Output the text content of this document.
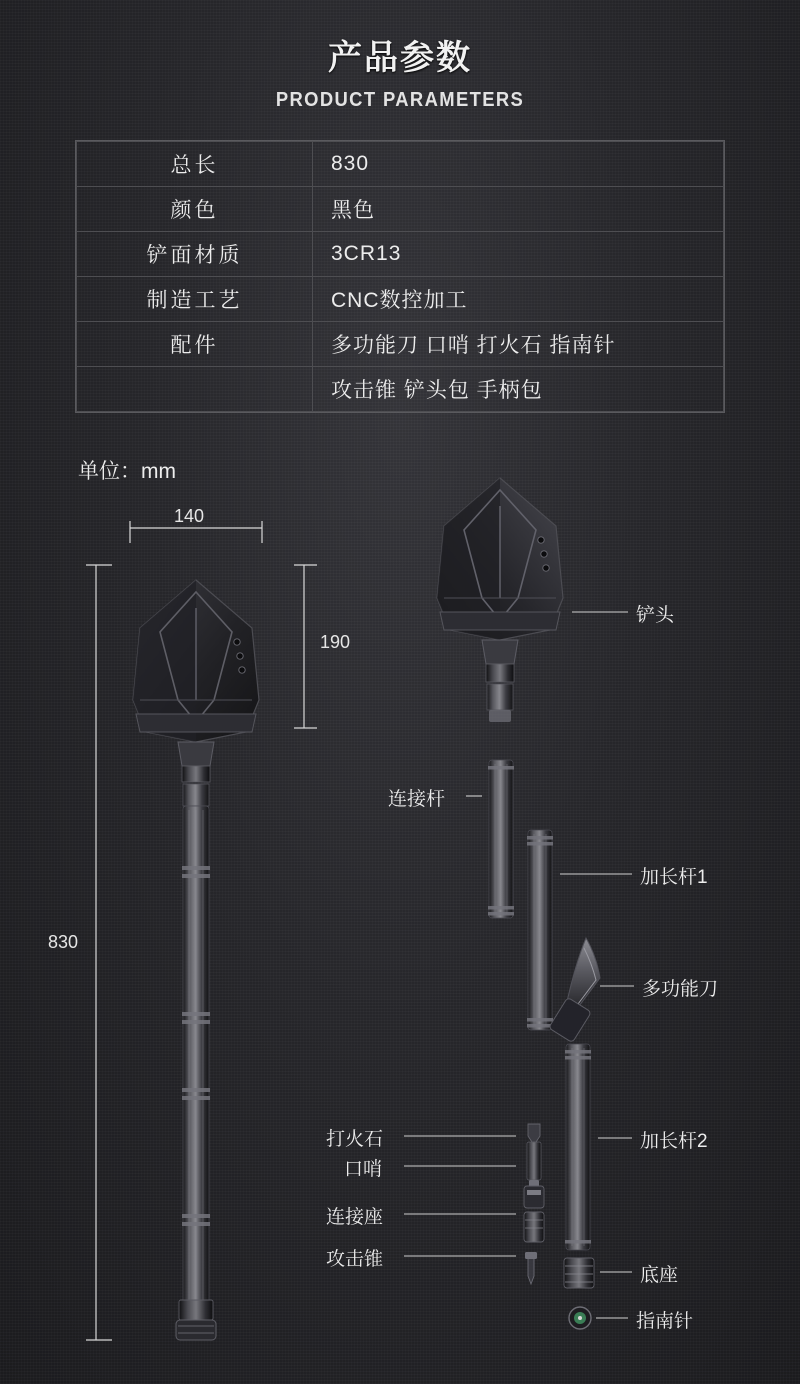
产品参数
PRODUCT PARAMETERS
总长	830
颜色	黑色
铲面材质	3CR13
制造工艺	CNC数控加工
配件	多功能刀 口哨 打火石 指南针
	攻击锥 铲头包 手柄包
单位：mm
140
190
830
铲头
连接杆
加长杆1
多功能刀
加长杆2
打火石
口哨
连接座
攻击锥
底座
指南针
